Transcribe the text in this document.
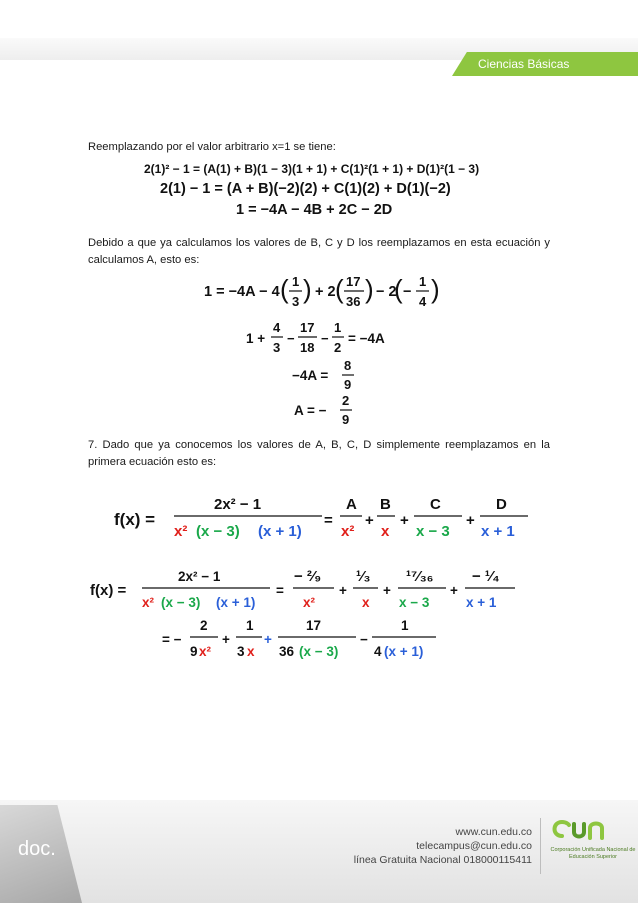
Ciencias Básicas
Reemplazando por el valor arbitrario x=1 se tiene:
2(1)² − 1 = (A(1) + B)(1 − 3)(1 + 1) + C(1)²(1 + 1) + D(1)²(1 − 3)
2(1) − 1 = (A + B)(−2)(2) + C(1)(2) + D(1)(−2)
1 = −4A − 4B + 2C − 2D
Debido a que ya calculamos los valores de B, C y D los reemplazamos en esta ecuación y calculamos A, esto es:
1 = −4A − 4 ( 1
3 ) + 2 ( 17
36 ) − 2
( −
1
4 )
1 +
4
3
−
17
18
−
1
2
= −4A
−4A =
8
9
A = −
2
9
7. Dado que ya conocemos los valores de A, B, C, D simplemente reemplazamos en la primera ecuación esto es:
f(x) =
2x² − 1
x² (x − 3) (x + 1)
=
A
x²
+
B
x
+
C
x − 3
+
D
x + 1
f(x) =
2x² − 1
x² (x − 3) (x + 1)
=
− ²⁄₉
x²
+
¹⁄₃
x
+
¹⁷⁄₃₆
x − 3
+
− ¹⁄₄
x + 1
= −
2
9 x²
+
1
3 x
+
17
36 (x − 3)
−
1
4 (x + 1)
doc.
www.cun.edu.co
telecampus@cun.edu.co
línea Gratuita Nacional 018000115411
Corporación Unificada Nacional de Educación Superior
